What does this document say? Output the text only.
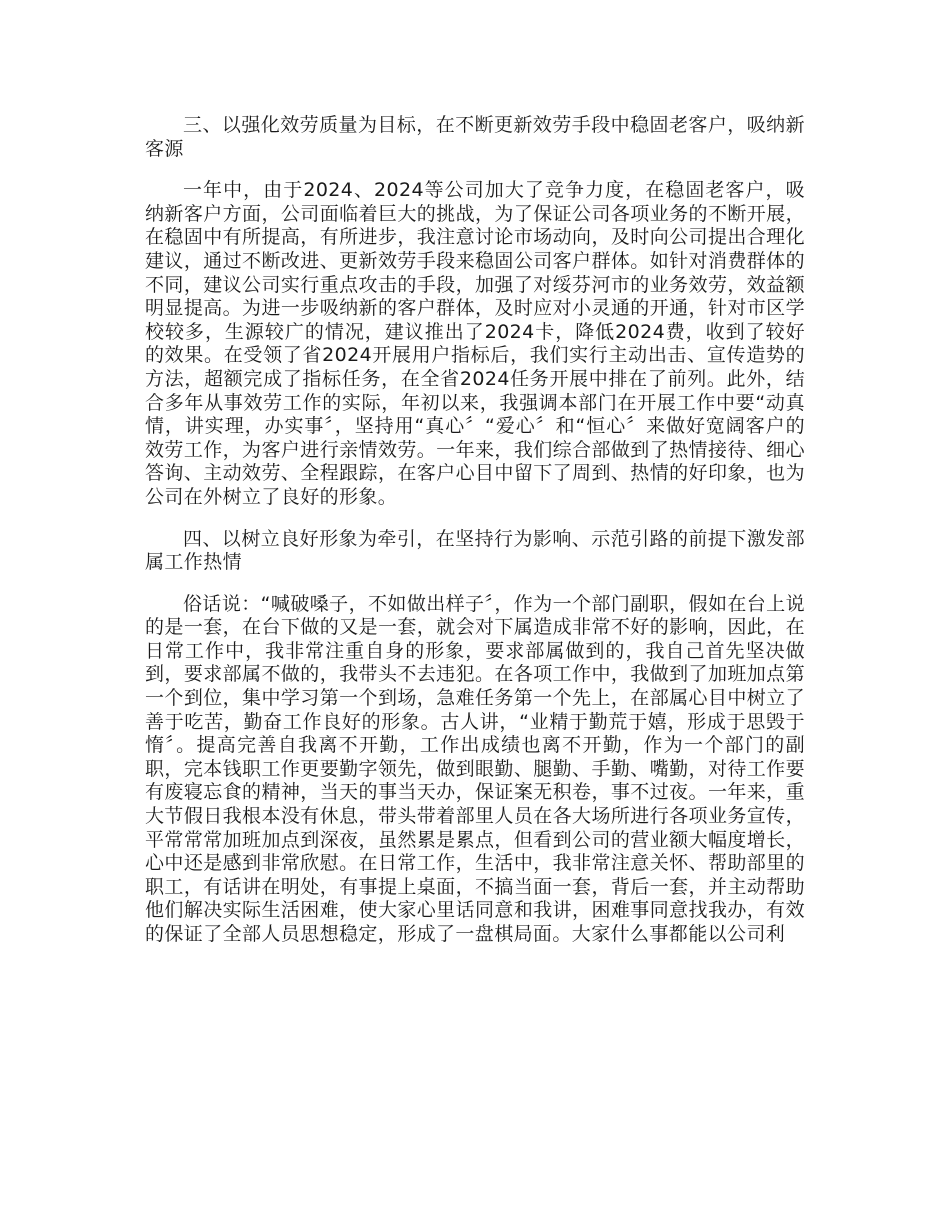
三、以强化效劳质量为目标，在不断更新效劳手段中稳固老客户，吸纳新客源

一年中，由于2024、2024等公司加大了竞争力度，在稳固老客户，吸纳新客户方面，公司面临着巨大的挑战，为了保证公司各项业务的不断开展，在稳固中有所提高，有所进步，我注意讨论市场动向，及时向公司提出合理化建议，通过不断改进、更新效劳手段来稳固公司客户群体。如针对消费群体的不同，建议公司实行重点攻击的手段，加强了对绥芬河市的业务效劳，效益额明显提高。为进一步吸纳新的客户群体，及时应对小灵通的开通，针对市区学校较多，生源较广的情况，建议推出了2024卡，降低2024费，收到了较好的效果。在受领了省2024开展用户指标后，我们实行主动出击、宣传造势的方法，超额完成了指标任务，在全省2024任务开展中排在了前列。此外，结合多年从事效劳工作的实际，年初以来，我强调本部门在开展工作中要“动真情，讲实理，办实事〞，坚持用“真心〞“爱心〞和“恒心〞来做好宽阔客户的效劳工作，为客户进行亲情效劳。一年来，我们综合部做到了热情接待、细心答询、主动效劳、全程跟踪，在客户心目中留下了周到、热情的好印象，也为公司在外树立了良好的形象。

四、以树立良好形象为牵引，在坚持行为影响、示范引路的前提下激发部属工作热情

俗话说：“喊破嗓子，不如做出样子〞，作为一个部门副职，假如在台上说的是一套，在台下做的又是一套，就会对下属造成非常不好的影响，因此，在日常工作中，我非常注重自身的形象，要求部属做到的，我自己首先坚决做到，要求部属不做的，我带头不去违犯。在各项工作中，我做到了加班加点第一个到位，集中学习第一个到场，急难任务第一个先上，在部属心目中树立了善于吃苦，勤奋工作良好的形象。古人讲，“业精于勤荒于嬉，形成于思毁于惰〞。提高完善自我离不开勤，工作出成绩也离不开勤，作为一个部门的副职，完本钱职工作更要勤字领先，做到眼勤、腿勤、手勤、嘴勤，对待工作要有废寝忘食的精神，当天的事当天办，保证案无积卷，事不过夜。一年来，重大节假日我根本没有休息，带头带着部里人员在各大场所进行各项业务宣传，平常常常加班加点到深夜，虽然累是累点，但看到公司的营业额大幅度增长，心中还是感到非常欣慰。在日常工作，生活中，我非常注意关怀、帮助部里的职工，有话讲在明处，有事提上桌面，不搞当面一套，背后一套，并主动帮助他们解决实际生活困难，使大家心里话同意和我讲，困难事同意找我办，有效的保证了全部人员思想稳定，形成了一盘棋局面。大家什么事都能以公司利
